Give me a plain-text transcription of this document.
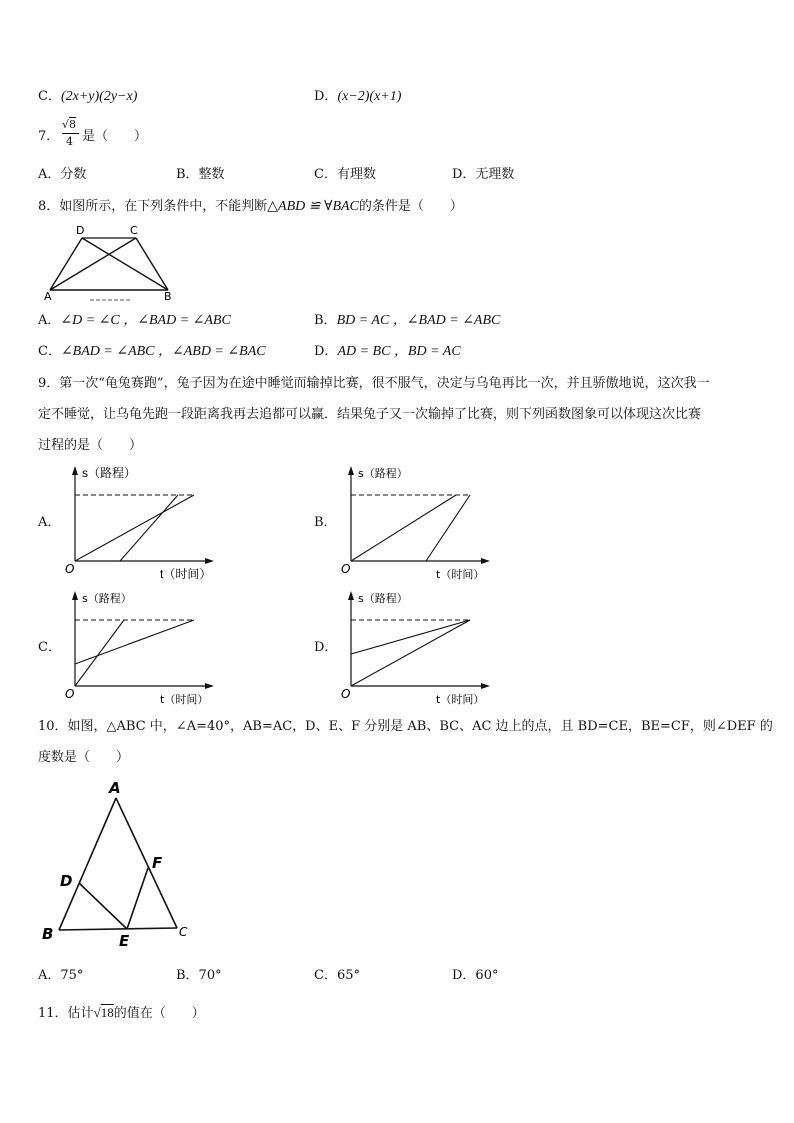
C．(2x+y)(2y−x)	D．(x−2)(x+1)
7．
√8
4 是（　　）
A．分数	B．整数	C．有理数	D．无理数
8．如图所示，在下列条件中，不能判断△ABD ≌ ∀BAC的条件是（　　）
D	C
A	B
A．∠D = ∠C ，∠BAD = ∠ABC	B．BD = AC ，∠BAD = ∠ABC
C．∠BAD = ∠ABC ，∠ABD = ∠BAC	D．AD = BC ，BD = AC
9．第一次“龟兔赛跑”，兔子因为在途中睡觉而输掉比赛，很不服气，决定与乌龟再比一次，并且骄傲地说，这次我一
定不睡觉，让乌龟先跑一段距离我再去追都可以赢．结果兔子又一次输掉了比赛，则下列函数图象可以体现这次比赛
过程的是（　　）
A．
s（路程）
t（时间）
O
B．
s（路程）
t（时间）
O
C．
s（路程）
t（时间）
O
D．
s（路程）
t（时间）
O
10．如图，△ABC 中，∠A=40°，AB=AC，D、E、F 分别是 AB、BC、AC 边上的点，且 BD=CE，BE=CF，则∠DEF 的
度数是（　　）
A
B	C
D
E
F
A．75°	B．70°	C．65°	D．60°
11．估计√18的值在（　　）
